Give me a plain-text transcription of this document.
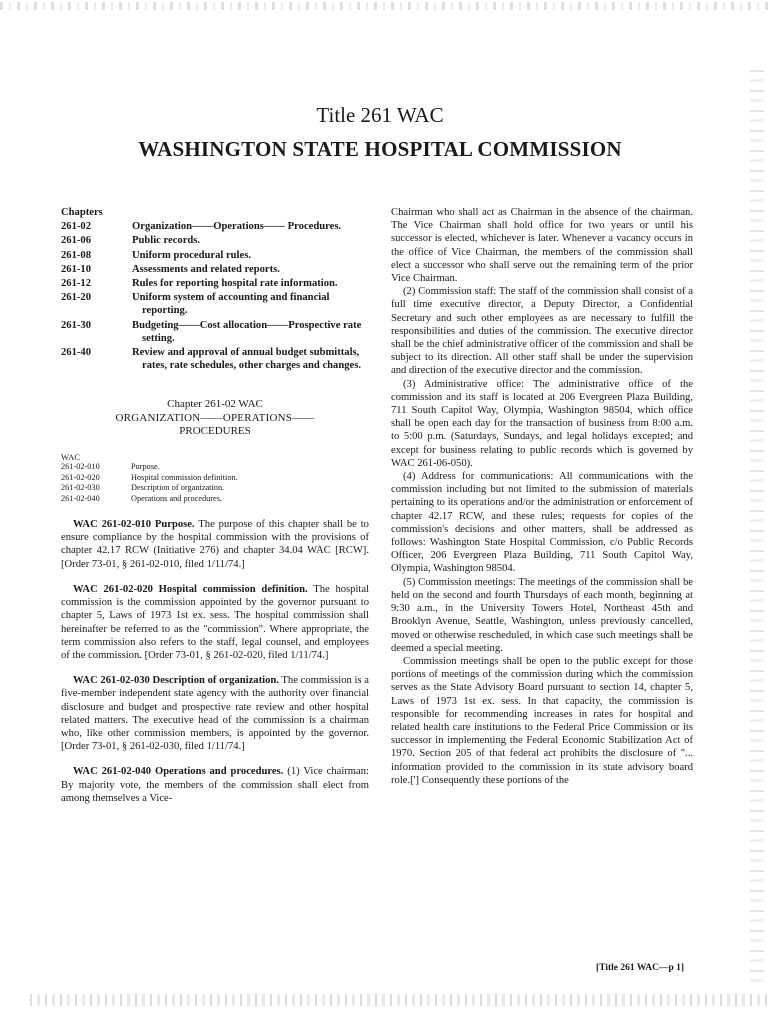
Title 261 WAC
WASHINGTON STATE HOSPITAL COMMISSION
Chapters
261-02	Organization——Operations—— Procedures.
261-06	Public records.
261-08	Uniform procedural rules.
261-10	Assessments and related reports.
261-12	Rules for reporting hospital rate information.
261-20	Uniform system of accounting and financial reporting.
261-30	Budgeting——Cost allocation——Prospective rate setting.
261-40	Review and approval of annual budget submittals, rates, rate schedules, other charges and changes.
Chapter 261-02 WAC
ORGANIZATION——OPERATIONS——
PROCEDURES
WAC
261-02-010	Purpose.
261-02-020	Hospital commission definition.
261-02-030	Description of organization.
261-02-040	Operations and procedures.

WAC 261-02-010 Purpose. The purpose of this chapter shall be to ensure compliance by the hospital commission with the provisions of chapter 42.17 RCW (Initiative 276) and chapter 34.04 WAC [RCW]. [Order 73-01, § 261-02-010, filed 1/11/74.]

WAC 261-02-020 Hospital commission definition. The hospital commission is the commission appointed by the governor pursuant to chapter 5, Laws of 1973 1st ex. sess. The hospital commission shall hereinafter be referred to as the "commission". Where appropriate, the term commission also refers to the staff, legal counsel, and employees of the commission. [Order 73-01, § 261-02-020, filed 1/11/74.]

WAC 261-02-030 Description of organization. The commission is a five-member independent state agency with the authority over financial disclosure and budget and prospective rate review and other hospital related matters. The executive head of the commission is a chairman who, like other commission members, is appointed by the governor. [Order 73-01, § 261-02-030, filed 1/11/74.]

WAC 261-02-040 Operations and procedures. (1) Vice chairman: By majority vote, the members of the commission shall elect from among themselves a Vice-

Chairman who shall act as Chairman in the absence of the chairman. The Vice Chairman shall hold office for two years or until his successor is elected, whichever is later. Whenever a vacancy occurs in the office of Vice Chairman, the members of the commission shall elect a successor who shall serve out the remaining term of the prior Vice Chairman.

(2) Commission staff: The staff of the commission shall consist of a full time executive director, a Deputy Director, a Confidential Secretary and such other employees as are necessary to fulfill the responsibilities and duties of the commission. The executive director shall be the chief administrative officer of the commission and shall be subject to its direction. All other staff shall be under the supervision and direction of the executive director and the commission.

(3) Administrative office: The administrative office of the commission and its staff is located at 206 Evergreen Plaza Building, 711 South Capitol Way, Olympia, Washington 98504, which office shall be open each day for the transaction of business from 8:00 a.m. to 5:00 p.m. (Saturdays, Sundays, and legal holidays excepted; and except for business relating to public records which is governed by WAC 261-06-050).

(4) Address for communications: All communications with the commission including but not limited to the submission of materials pertaining to its operations and/or the administration or enforcement of chapter 42.17 RCW, and these rules; requests for copies of the commission's decisions and other matters, shall be addressed as follows: Washington State Hospital Commission, c/o Public Records Officer, 206 Evergreen Plaza Building, 711 South Capitol Way, Olympia, Washington 98504.

(5) Commission meetings: The meetings of the commission shall be held on the second and fourth Thursdays of each month, beginning at 9:30 a.m., in the University Towers Hotel, Northeast 45th and Brooklyn Avenue, Seattle, Washington, unless previously cancelled, moved or otherwise rescheduled, in which case such meetings shall be deemed a special meeting.

Commission meetings shall be open to the public except for those portions of meetings of the commission during which the commission serves as the State Advisory Board pursuant to section 14, chapter 5, Laws of 1973 1st ex. sess. In that capacity, the commission is responsible for recommending increases in rates for hospital and related health care institutions to the Federal Price Commission or its successor in implementing the Federal Economic Stabilization Act of 1970. Section 205 of that federal act prohibits the disclosure of "... information provided to the commission in its state advisory board role.['] Consequently these portions of the

[Title 261 WAC—p 1]
